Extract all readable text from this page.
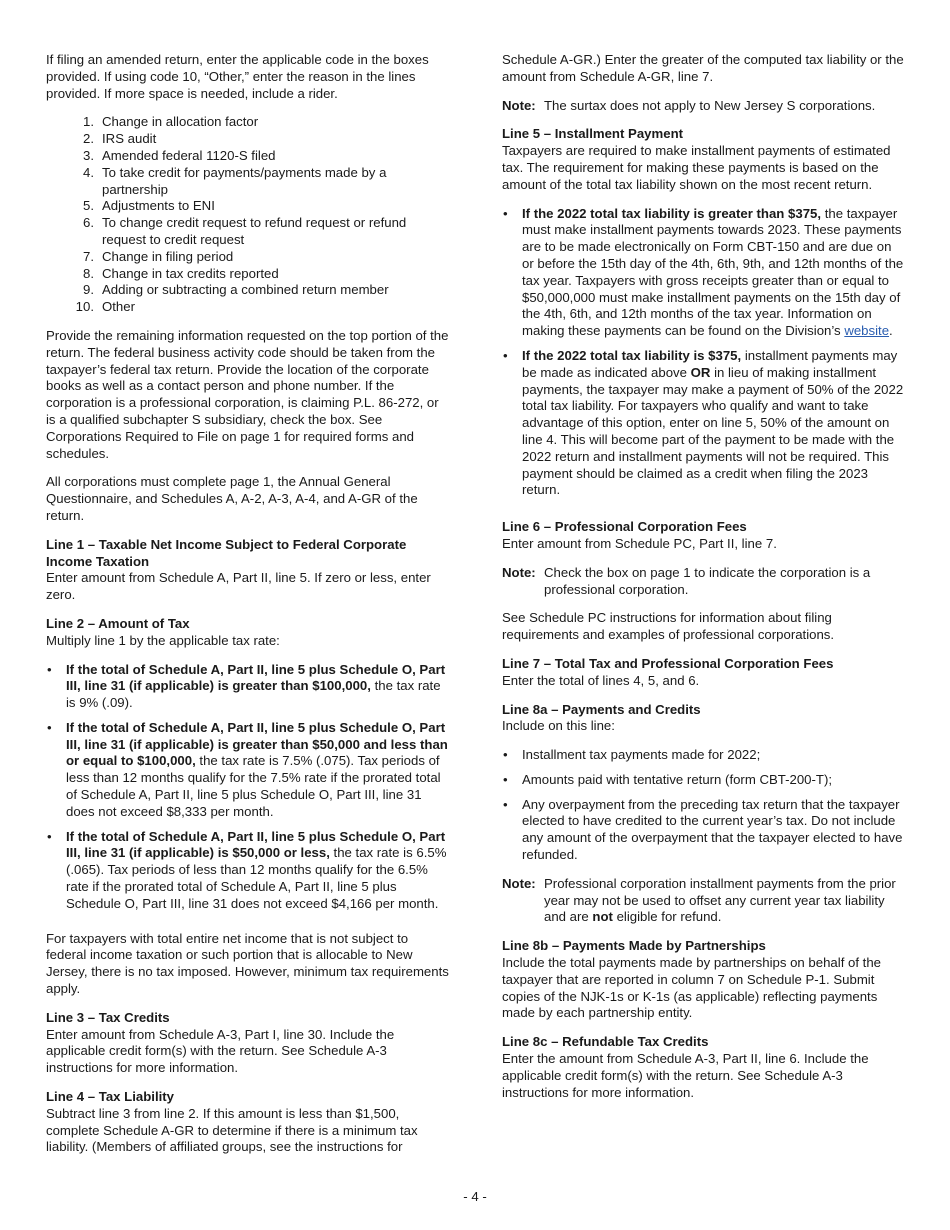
If filing an amended return, enter the applicable code in the boxes provided. If using code 10, “Other,” enter the reason in the lines provided. If more space is needed, include a rider.

1. Change in allocation factor
2. IRS audit
3. Amended federal 1120-S filed
4. To take credit for payments/payments made by a partnership
5. Adjustments to ENI
6. To change credit request to refund request or refund request to credit request
7. Change in filing period
8. Change in tax credits reported
9. Adding or subtracting a combined return member
10. Other

Provide the remaining information requested on the top portion of the return. The federal business activity code should be taken from the taxpayer’s federal tax return. Provide the location of the corporate books as well as a contact person and phone number. If the corporation is a professional corporation, is claiming P.L. 86-272, or is a qualified subchapter S subsidiary, check the box. See Corporations Required to File on page 1 for required forms and schedules.

All corporations must complete page 1, the Annual General Questionnaire, and Schedules A, A-2, A-3, A-4, and A-GR of the return.

Line 1 – Taxable Net Income Subject to Federal Corporate Income Taxation
Enter amount from Schedule A, Part II, line 5. If zero or less, enter zero.
Line 2 – Amount of Tax

Multiply line 1 by the applicable tax rate:

• If the total of Schedule A, Part II, line 5 plus Schedule O, Part III, line 31 (if applicable) is greater than $100,000, the tax rate is 9% (.09).
• If the total of Schedule A, Part II, line 5 plus Schedule O, Part III, line 31 (if applicable) is greater than $50,000 and less than or equal to $100,000, the tax rate is 7.5% (.075). Tax periods of less than 12 months qualify for the 7.5% rate if the prorated total of Schedule A, Part II, line 5 plus Schedule O, Part III, line 31 does not exceed $8,333 per month.
• If the total of Schedule A, Part II, line 5 plus Schedule O, Part III, line 31 (if applicable) is $50,000 or less, the tax rate is 6.5% (.065). Tax periods of less than 12 months qualify for the 6.5% rate if the prorated total of Schedule A, Part II, line 5 plus Schedule O, Part III, line 31 does not exceed $4,166 per month.

For taxpayers with total entire net income that is not subject to federal income taxation or such portion that is allocable to New Jersey, there is no tax imposed. However, minimum tax requirements apply.

Line 3 – Tax Credits
Enter amount from Schedule A-3, Part I, line 30. Include the applicable credit form(s) with the return. See Schedule A-3 instructions for more information.
Line 4 – Tax Liability
Subtract line 3 from line 2. If this amount is less than $1,500, complete Schedule A-GR to determine if there is a minimum tax liability. (Members of affiliated groups, see the instructions for

Schedule A-GR.) Enter the greater of the computed tax liability or the amount from Schedule A-GR, line 7.

Note: The surtax does not apply to New Jersey S corporations.
Line 5 – Installment Payment

Taxpayers are required to make installment payments of estimated tax. The requirement for making these payments is based on the amount of the total tax liability shown on the most recent return.

• If the 2022 total tax liability is greater than $375, the taxpayer must make installment payments towards 2023. These payments are to be made electronically on Form CBT-150 and are due on or before the 15th day of the 4th, 6th, 9th, and 12th months of the tax year. Taxpayers with gross receipts greater than or equal to $50,000,000 must make installment payments on the 15th day of the 4th, 6th, and 12th months of the tax year. Information on making these payments can be found on the Division’s website.
• If the 2022 total tax liability is $375, installment payments may be made as indicated above OR in lieu of making installment payments, the taxpayer may make a payment of 50% of the 2022 total tax liability. For taxpayers who qualify and want to take advantage of this option, enter on line 5, 50% of the amount on line 4. This will become part of the payment to be made with the 2022 return and installment payments will not be required. This payment should be claimed as a credit when filing the 2023 return.
Line 6 – Professional Corporation Fees
Enter amount from Schedule PC, Part II, line 7.
Note: Check the box on page 1 to indicate the corporation is a professional corporation.

See Schedule PC instructions for information about filing requirements and examples of professional corporations.

Line 7 – Total Tax and Professional Corporation Fees
Enter the total of lines 4, 5, and 6.
Line 8a – Payments and Credits

Include on this line:

• Installment tax payments made for 2022;
• Amounts paid with tentative return (form CBT-200-T);
• Any overpayment from the preceding tax return that the taxpayer elected to have credited to the current year’s tax. Do not include any amount of the overpayment that the taxpayer elected to have refunded.
Note: Professional corporation installment payments from the prior year may not be used to offset any current year tax liability and are not eligible for refund.
Line 8b – Payments Made by Partnerships
Include the total payments made by partnerships on behalf of the taxpayer that are reported in column 7 on Schedule P-1. Submit copies of the NJK-1s or K-1s (as applicable) reflecting payments made by each partnership entity.
Line 8c – Refundable Tax Credits
Enter the amount from Schedule A-3, Part II, line 6. Include the applicable credit form(s) with the return. See Schedule A-3 instructions for more information.
- 4 -
